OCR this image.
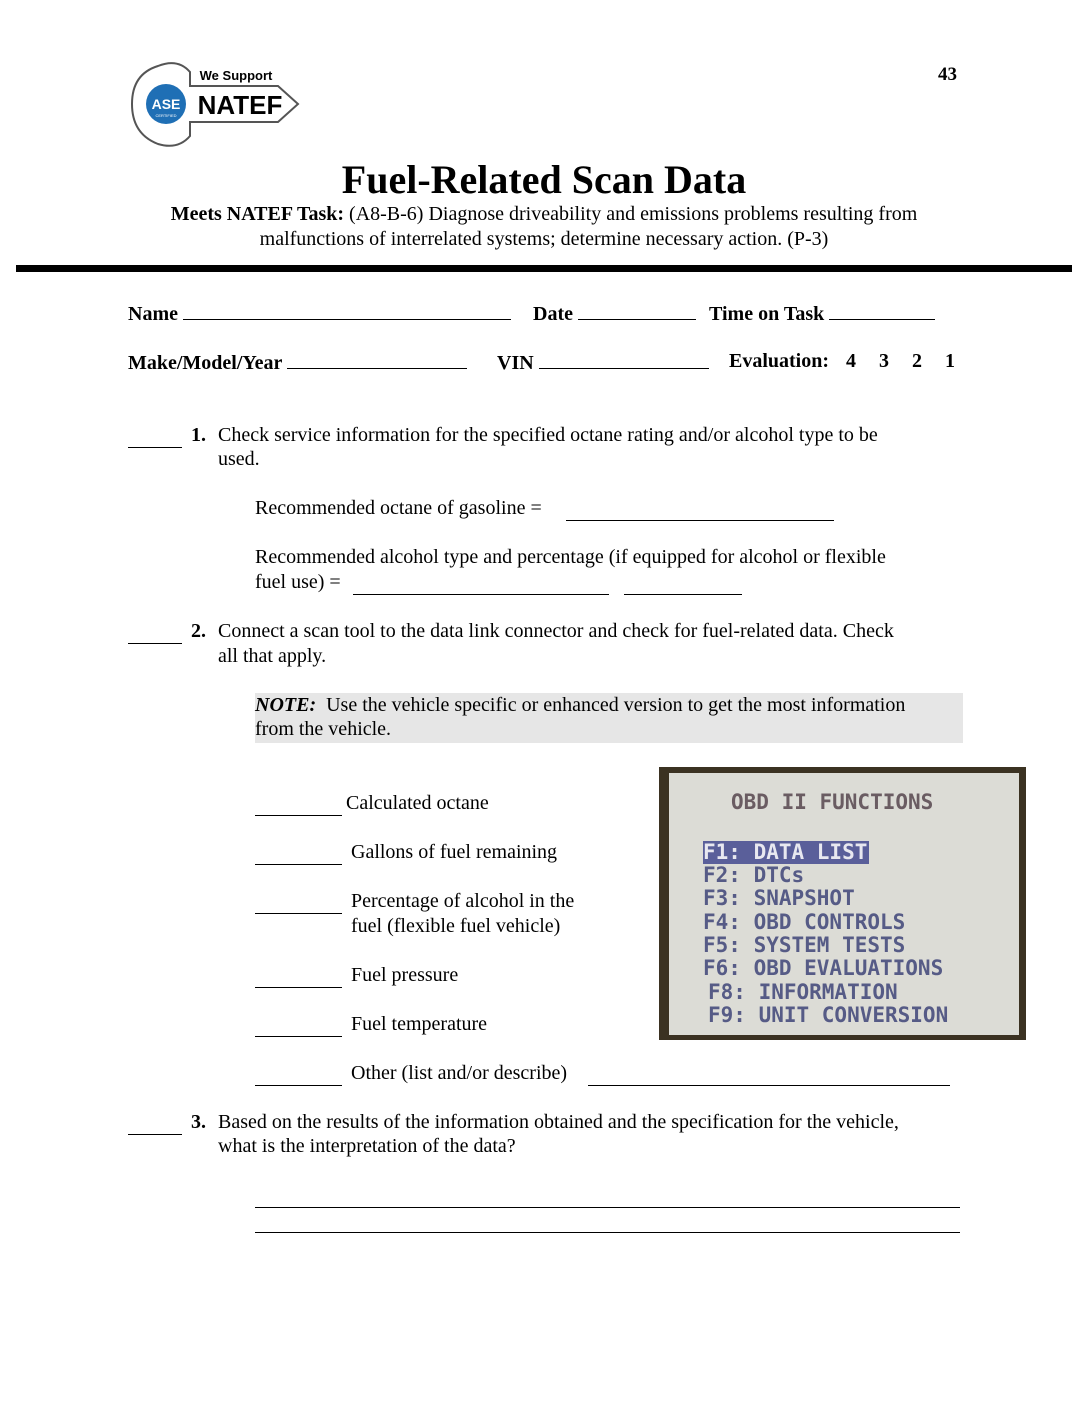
43
ASE
CERTIFIED
We Support
NATEF
Fuel-Related Scan Data
Meets NATEF Task: (A8-B-6) Diagnose driveability and emissions problems resulting from
malfunctions of interrelated systems; determine necessary action. (P-3)
Name	Date	Time on Task
Make/Model/Year	VIN	Evaluation: 4 3 2 1
1. Check service information for the specified octane rating and/or alcohol type to be
used.
Recommended octane of gasoline =
Recommended alcohol type and percentage (if equipped for alcohol or flexible
fuel use) =
2. Connect a scan tool to the data link connector and check for fuel-related data. Check
all that apply.
NOTE: Use the vehicle specific or enhanced version to get the most information
from the vehicle.
Calculated octane
Gallons of fuel remaining
Percentage of alcohol in the
fuel (flexible fuel vehicle)
Fuel pressure
Fuel temperature
Other (list and/or describe)
OBD II FUNCTIONS
F1: DATA LIST
F2: DTCs
F3: SNAPSHOT
F4: OBD CONTROLS
F5: SYSTEM TESTS
F6: OBD EVALUATIONS
F8: INFORMATION
F9: UNIT CONVERSION
3. Based on the results of the information obtained and the specification for the vehicle,
what is the interpretation of the data?
